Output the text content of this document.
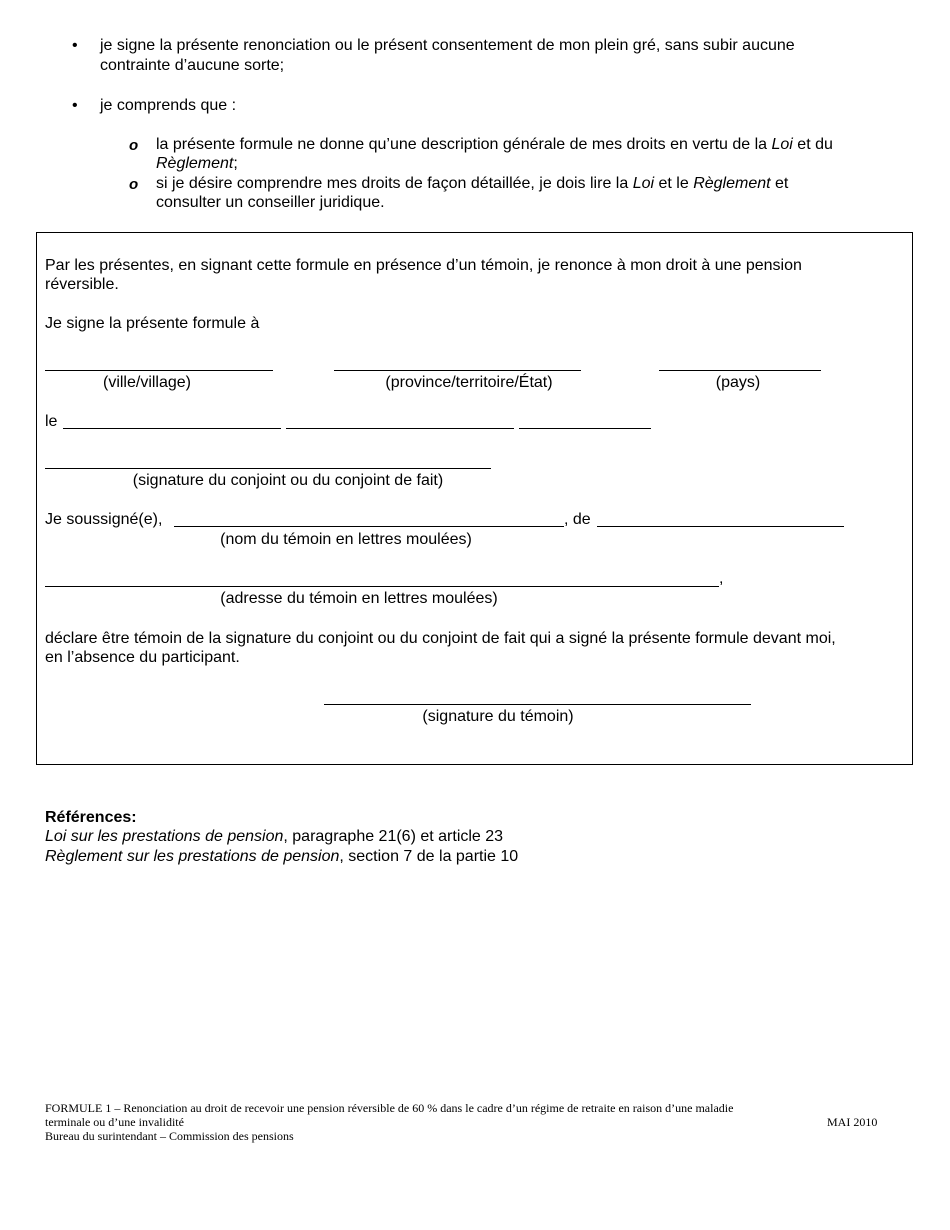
• je signe la présente renonciation ou le présent consentement de mon plein gré, sans subir aucune
contrainte d’aucune sorte;
• je comprends que :
o la présente formule ne donne qu’une description générale de mes droits en vertu de la Loi et du
Règlement;
o si je désire comprendre mes droits de façon détaillée, je dois lire la Loi et le Règlement et
consulter un conseiller juridique.
Par les présentes, en signant cette formule en présence d’un témoin, je renonce à mon droit à une pension
réversible.
Je signe la présente formule à
(ville/village)	(province/territoire/État)	(pays)
le
(signature du conjoint ou du conjoint de fait)
Je soussigné(e),	, de
(nom du témoin en lettres moulées)
,
(adresse du témoin en lettres moulées)
déclare être témoin de la signature du conjoint ou du conjoint de fait qui a signé la présente formule devant moi,
en l’absence du participant.
(signature du témoin)
Références:
Loi sur les prestations de pension, paragraphe 21(6) et article 23
Règlement sur les prestations de pension, section 7 de la partie 10
FORMULE 1 – Renonciation au droit de recevoir une pension réversible de 60 % dans le cadre d’un régime de retraite en raison d’une maladie
terminale ou d’une invalidité
Bureau du surintendant – Commission des pensions
MAI 2010
